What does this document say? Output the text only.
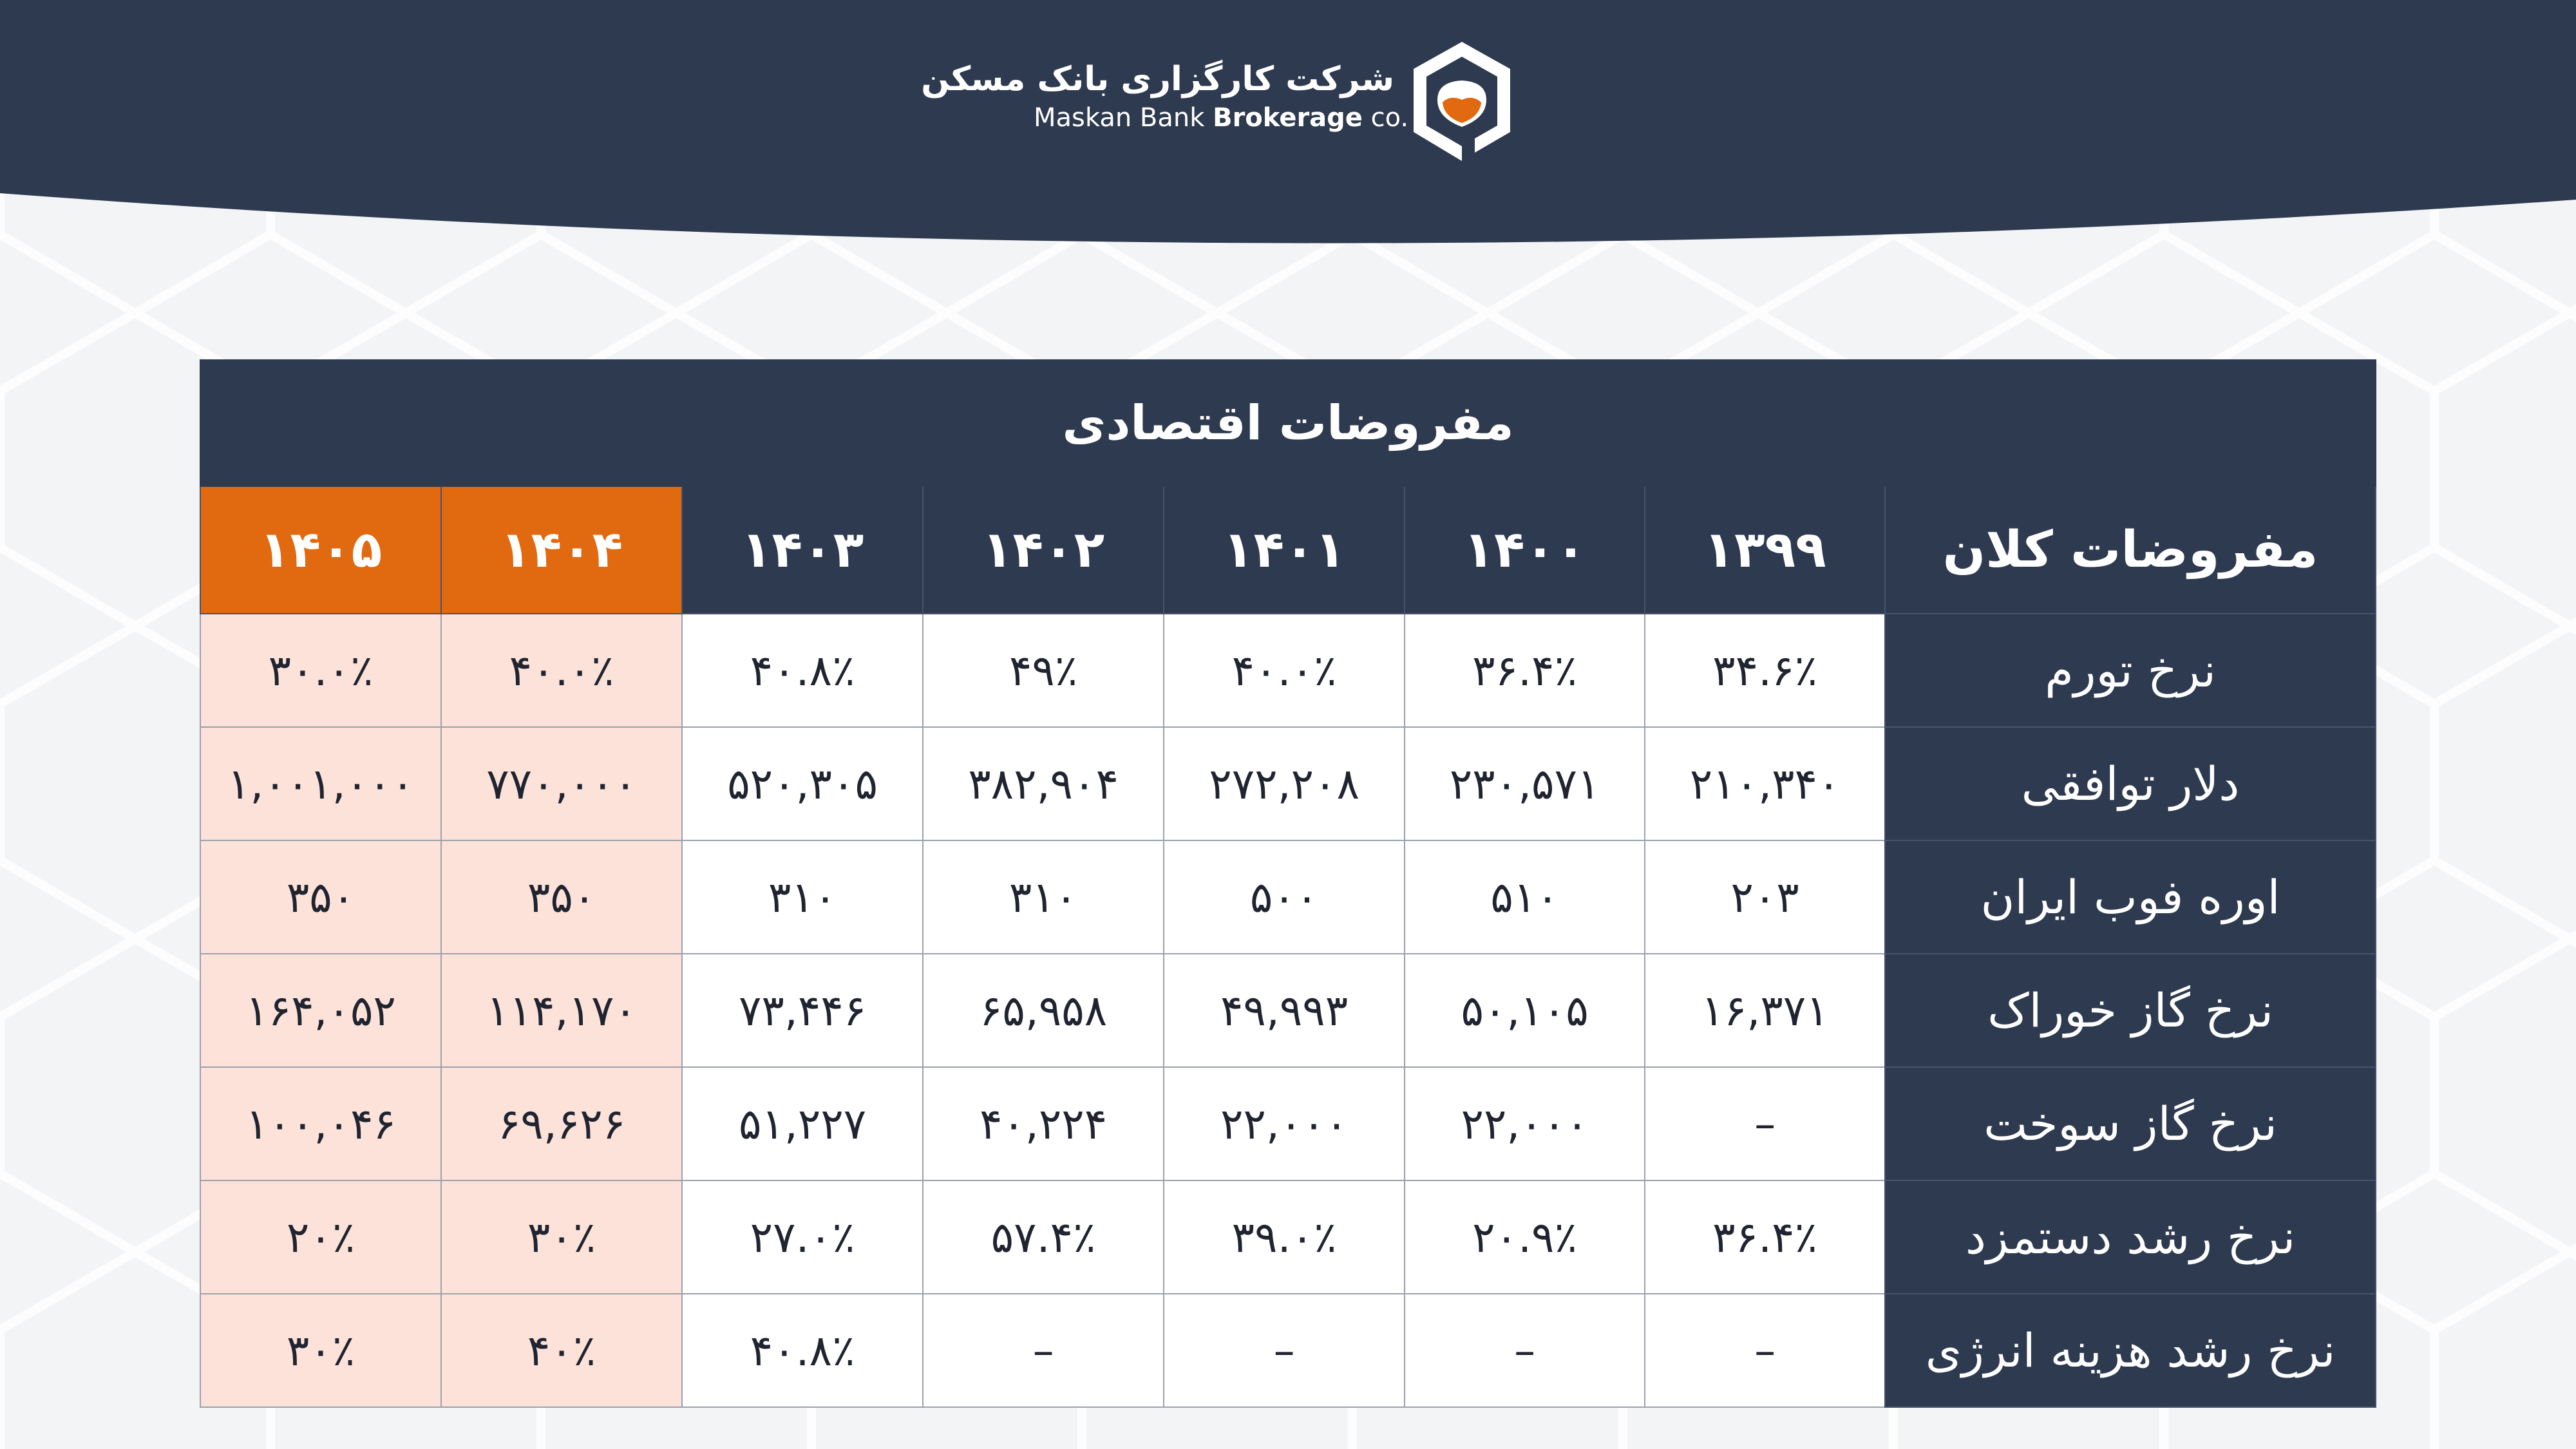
شرکت کارگزاری بانک مسکن
Maskan Bank Brokerage co.
مفروضات اقتصادی							
مفروضات کلان	۱۳۹۹	۱۴۰۰	۱۴۰۱	۱۴۰۲	۱۴۰۳	۱۴۰۴	۱۴۰۵
نرخ تورم	۳۴.۶٪	۳۶.۴٪	۴۰.۰٪	۴۹٪	۴۰.۸٪	۴۰.۰٪	۳۰.۰٪
دلار توافقی	۲۱۰,۳۴۰	۲۳۰,۵۷۱	۲۷۲,۲۰۸	۳۸۲,۹۰۴	۵۲۰,۳۰۵	۷۷۰,۰۰۰	۱,۰۰۱,۰۰۰
اوره فوب ایران	۲۰۳	۵۱۰	۵۰۰	۳۱۰	۳۱۰	۳۵۰	۳۵۰
نرخ گاز خوراک	۱۶,۳۷۱	۵۰,۱۰۵	۴۹,۹۹۳	۶۵,۹۵۸	۷۳,۴۴۶	۱۱۴,۱۷۰	۱۶۴,۰۵۲
نرخ گاز سوخت	–	۲۲,۰۰۰	۲۲,۰۰۰	۴۰,۲۲۴	۵۱,۲۲۷	۶۹,۶۲۶	۱۰۰,۰۴۶
نرخ رشد دستمزد	۳۶.۴٪	۲۰.۹٪	۳۹.۰٪	۵۷.۴٪	۲۷.۰٪	۳۰٪	۲۰٪
نرخ رشد هزینه انرژی	–	–	–	–	۴۰.۸٪	۴۰٪	۳۰٪
